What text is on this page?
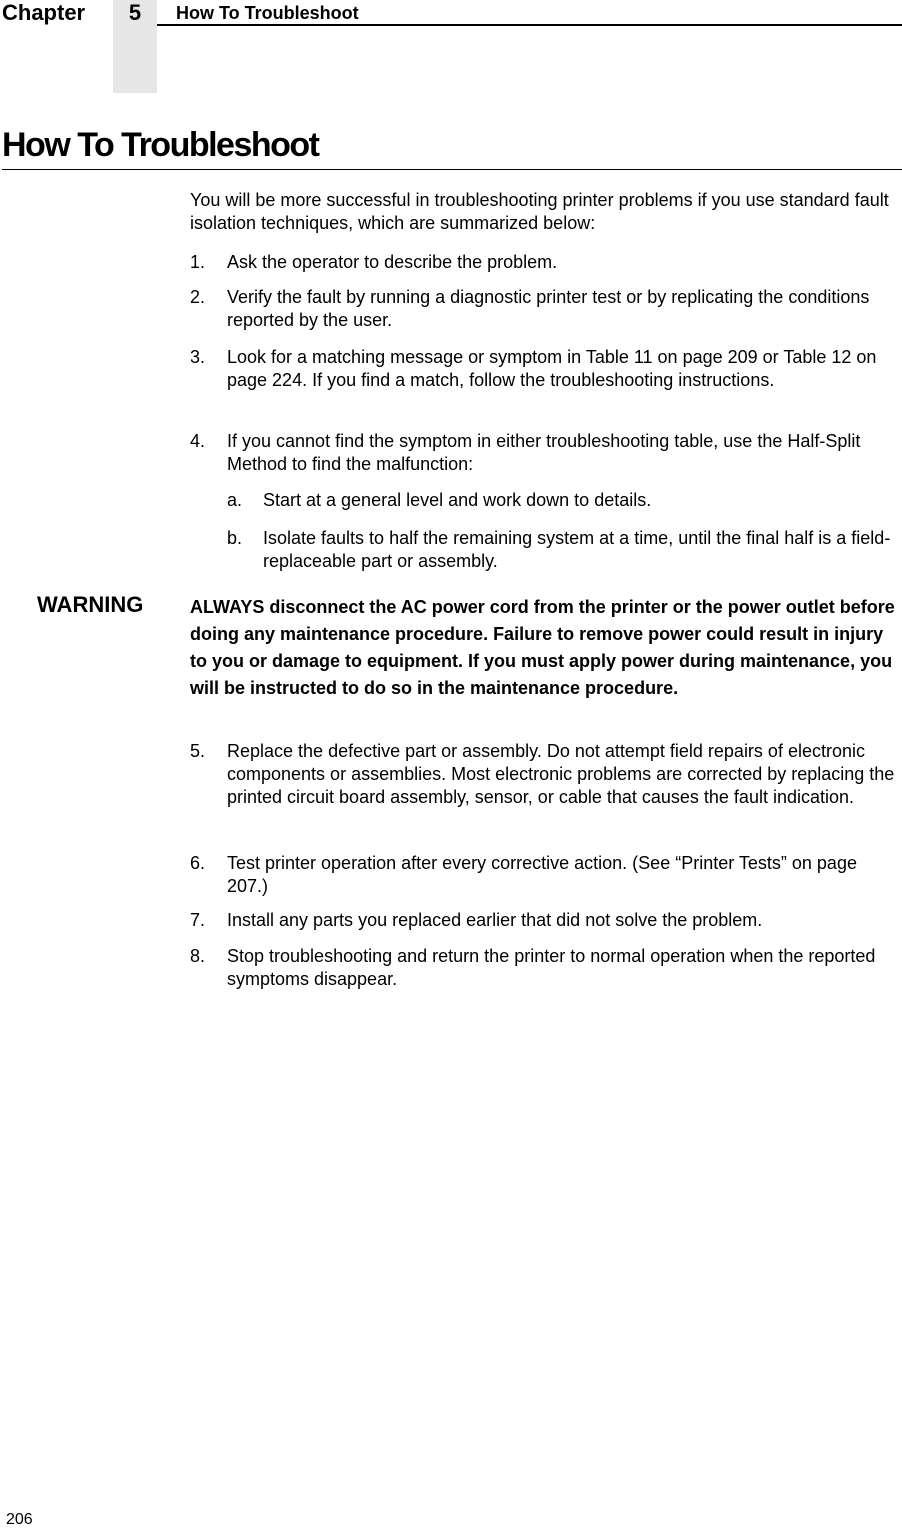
Chapter	5	How To Troubleshoot
How To Troubleshoot
You will be more successful in troubleshooting printer problems if you use standard fault isolation techniques, which are summarized below:
1. Ask the operator to describe the problem.
2. Verify the fault by running a diagnostic printer test or by replicating the conditions reported by the user.
3. Look for a matching message or symptom in Table 11 on page 209 or Table 12 on page 224. If you find a match, follow the troubleshooting instructions.
4. If you cannot find the symptom in either troubleshooting table, use the Half-Split Method to find the malfunction:
a. Start at a general level and work down to details.
b. Isolate faults to half the remaining system at a time, until the final half is a field-replaceable part or assembly.
WARNING	ALWAYS disconnect the AC power cord from the printer or the power outlet before doing any maintenance procedure. Failure to remove power could result in injury to you or damage to equipment. If you must apply power during maintenance, you will be instructed to do so in the maintenance procedure.
5. Replace the defective part or assembly. Do not attempt field repairs of electronic components or assemblies. Most electronic problems are corrected by replacing the printed circuit board assembly, sensor, or cable that causes the fault indication.
6. Test printer operation after every corrective action. (See “Printer Tests” on page 207.)
7. Install any parts you replaced earlier that did not solve the problem.
8. Stop troubleshooting and return the printer to normal operation when the reported symptoms disappear.
206
